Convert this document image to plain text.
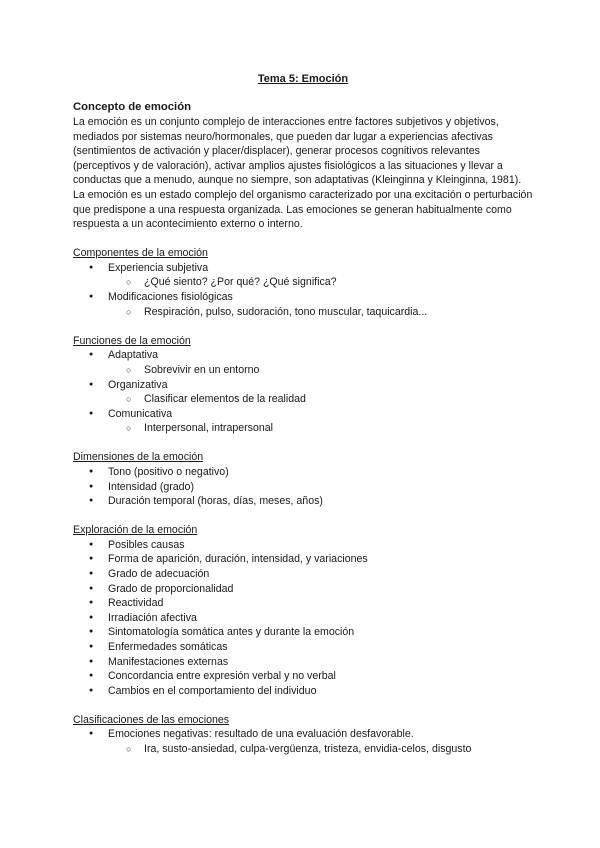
Tema 5: Emoción
Concepto de emoción

La emoción es un conjunto complejo de interacciones entre factores subjetivos y objetivos, mediados por sistemas neuro/hormonales, que pueden dar lugar a experiencias afectivas (sentimientos de activación y placer/displacer), generar procesos cognitivos relevantes (perceptivos y de valoración), activar amplios ajustes fisiológicos a las situaciones y llevar a conductas que a menudo, aunque no siempre, son adaptativas (Kleinginna y Kleinginna, 1981).

La emoción es un estado complejo del organismo caracterizado por una excitación o perturbación que predispone a una respuesta organizada. Las emociones se generan habitualmente como respuesta a un acontecimiento externo o interno.

Componentes de la emoción
● Experiencia subjetiva
○ ¿Qué siento? ¿Por qué? ¿Qué significa?
● Modificaciones fisiológicas
○ Respiración, pulso, sudoración, tono muscular, taquicardia...
Funciones de la emoción
● Adaptativa
○ Sobrevivir en un entorno
● Organizativa
○ Clasificar elementos de la realidad
● Comunicativa
○ Interpersonal, intrapersonal
Dimensiones de la emoción
● Tono (positivo o negativo)
● Intensidad (grado)
● Duración temporal (horas, días, meses, años)
Exploración de la emoción
● Posibles causas
● Forma de aparición, duración, intensidad, y variaciones
● Grado de adecuación
● Grado de proporcionalidad
● Reactividad
● Irradiación afectiva
● Sintomatología somática antes y durante la emoción
● Enfermedades somáticas
● Manifestaciones externas
● Concordancia entre expresión verbal y no verbal
● Cambios en el comportamiento del individuo
Clasificaciones de las emociones
● Emociones negativas: resultado de una evaluación desfavorable.
○ Ira, susto-ansiedad, culpa-vergüenza, tristeza, envidia-celos, disgusto
